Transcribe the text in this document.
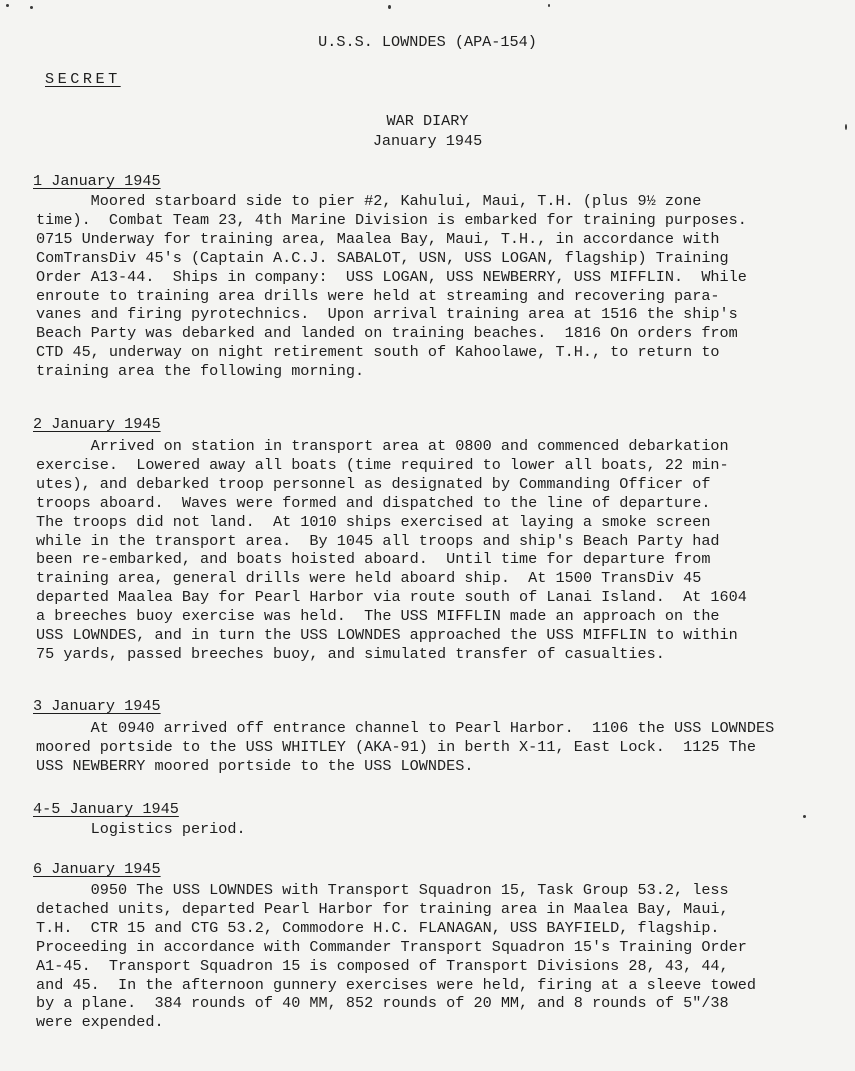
U.S.S. LOWNDES (APA-154)
SECRET
WAR DIARY
January 1945
1 January 1945
Moored starboard side to pier #2, Kahului, Maui, T.H. (plus 9½ zone
time).  Combat Team 23, 4th Marine Division is embarked for training purposes.
0715 Underway for training area, Maalea Bay, Maui, T.H., in accordance with
ComTransDiv 45's (Captain A.C.J. SABALOT, USN, USS LOGAN, flagship) Training
Order A13-44.  Ships in company:  USS LOGAN, USS NEWBERRY, USS MIFFLIN.  While
enroute to training area drills were held at streaming and recovering para-
vanes and firing pyrotechnics.  Upon arrival training area at 1516 the ship's
Beach Party was debarked and landed on training beaches.  1816 On orders from
CTD 45, underway on night retirement south of Kahoolawe, T.H., to return to
training area the following morning.
2 January 1945
Arrived on station in transport area at 0800 and commenced debarkation
exercise.  Lowered away all boats (time required to lower all boats, 22 min-
utes), and debarked troop personnel as designated by Commanding Officer of
troops aboard.  Waves were formed and dispatched to the line of departure.
The troops did not land.  At 1010 ships exercised at laying a smoke screen
while in the transport area.  By 1045 all troops and ship's Beach Party had
been re-embarked, and boats hoisted aboard.  Until time for departure from
training area, general drills were held aboard ship.  At 1500 TransDiv 45
departed Maalea Bay for Pearl Harbor via route south of Lanai Island.  At 1604
a breeches buoy exercise was held.  The USS MIFFLIN made an approach on the
USS LOWNDES, and in turn the USS LOWNDES approached the USS MIFFLIN to within
75 yards, passed breeches buoy, and simulated transfer of casualties.
3 January 1945
At 0940 arrived off entrance channel to Pearl Harbor.  1106 the USS LOWNDES
moored portside to the USS WHITLEY (AKA-91) in berth X-11, East Lock.  1125 The
USS NEWBERRY moored portside to the USS LOWNDES.
4-5 January 1945
Logistics period.
6 January 1945
0950 The USS LOWNDES with Transport Squadron 15, Task Group 53.2, less
detached units, departed Pearl Harbor for training area in Maalea Bay, Maui,
T.H.  CTR 15 and CTG 53.2, Commodore H.C. FLANAGAN, USS BAYFIELD, flagship.
Proceeding in accordance with Commander Transport Squadron 15's Training Order
A1-45.  Transport Squadron 15 is composed of Transport Divisions 28, 43, 44,
and 45.  In the afternoon gunnery exercises were held, firing at a sleeve towed
by a plane.  384 rounds of 40 MM, 852 rounds of 20 MM, and 8 rounds of 5"/38
were expended.
